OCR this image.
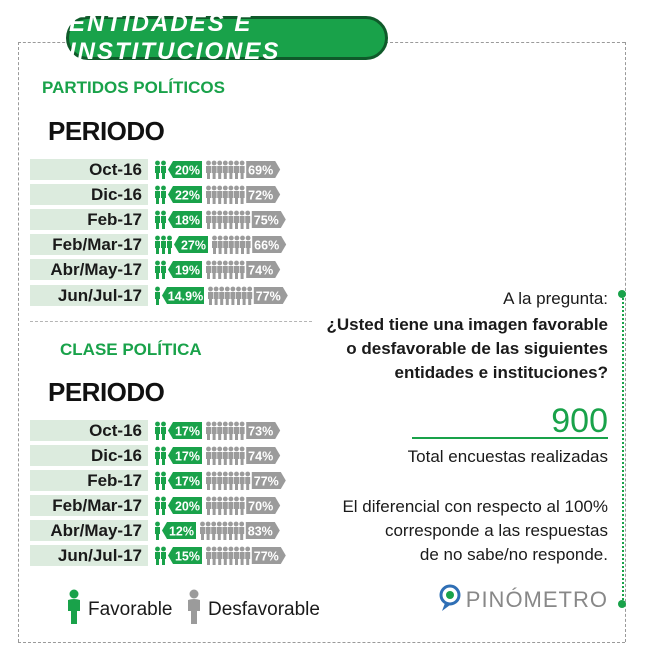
ENTIDADES E INSTITUCIONES
PARTIDOS POLÍTICOS
PERIODO
Oct-16	20%	69%
Dic-16	22%	72%
Feb-17	18%	75%
Feb/Mar-17	27%	66%
Abr/May-17	19%	74%
Jun/Jul-17	14.9%	77%
CLASE POLÍTICA
PERIODO
Oct-16	17%	73%
Dic-16	17%	74%
Feb-17	17%	77%
Feb/Mar-17	20%	70%
Abr/May-17	12%	83%
Jun/Jul-17	15%	77%
A la pregunta:
¿Usted tiene una imagen favorable
o desfavorable de las siguientes
entidades e instituciones?
900
Total encuestas realizadas
El diferencial con respecto al 100%
corresponde a las respuestas
de no sabe/no responde.
PINÓMETRO
Favorable Desfavorable
